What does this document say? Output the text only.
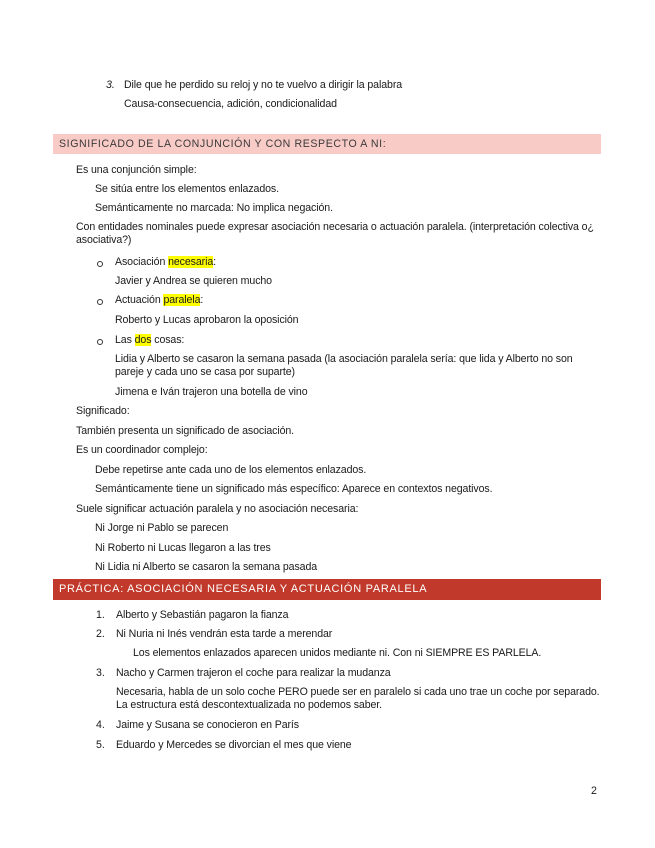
3. Dile que he perdido su reloj y no te vuelvo a dirigir la palabra
Causa-consecuencia, adición, condicionalidad
SIGNIFICADO DE LA CONJUNCIÓN Y CON RESPECTO A NI:
Es una conjunción simple:
Se sitúa entre los elementos enlazados.
Semánticamente no marcada: No implica negación.
Con entidades nominales puede expresar asociación necesaria o actuación paralela. (interpretación colectiva o¿ asociativa?)
Asociación necesaria:
Javier y Andrea se quieren mucho
Actuación paralela:
Roberto y Lucas aprobaron la oposición
Las dos cosas:
Lidia y Alberto se casaron la semana pasada (la asociación paralela sería: que lida y Alberto no son pareje y cada uno se casa por suparte)
Jimena e Iván trajeron una botella de vino
Significado:
También presenta un significado de asociación.
Es un coordinador complejo:
Debe repetirse ante cada uno de los elementos enlazados.
Semánticamente tiene un significado más específico: Aparece en contextos negativos.
Suele significar actuación paralela y no asociación necesaria:
Ni Jorge ni Pablo se parecen
Ni Roberto ni Lucas llegaron a las tres
Ni Lidia ni Alberto se casaron la semana pasada
PRÁCTICA: ASOCIACIÓN NECESARIA Y ACTUACIÓN PARALELA
1. Alberto y Sebastián pagaron la fianza
2. Ni Nuria ni Inés vendrán esta tarde a merendar
Los elementos enlazados aparecen unidos mediante ni. Con ni SIEMPRE ES PARLELA.
3. Nacho y Carmen trajeron el coche para realizar la mudanza
Necesaria, habla de un solo coche PERO puede ser en paralelo si cada uno trae un coche por separado. La estructura está descontextualizada no podemos saber.
4. Jaime y Susana se conocieron en París
5. Eduardo y Mercedes se divorcian el mes que viene
2
